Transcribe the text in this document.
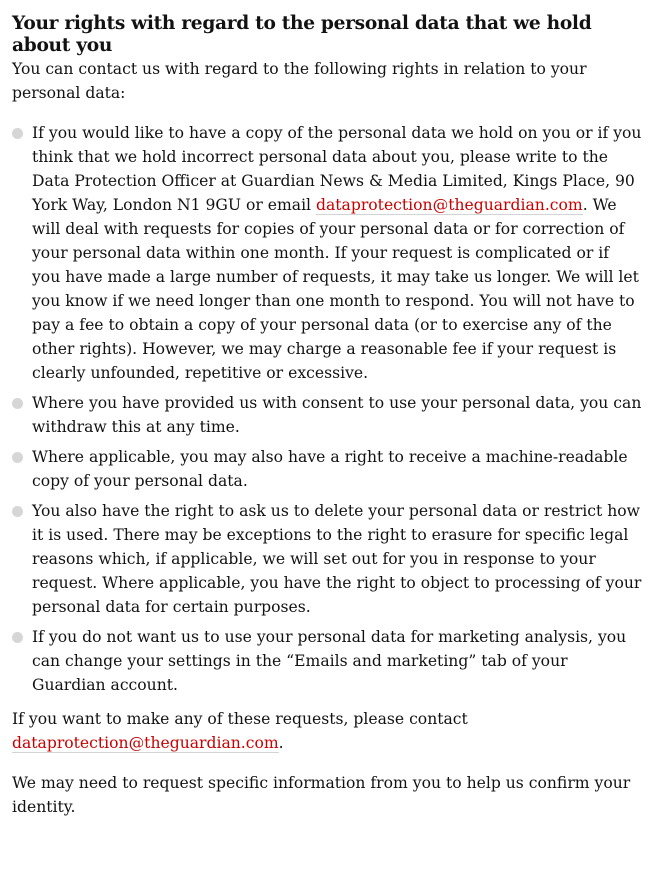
Your rights with regard to the personal data that we hold about you

You can contact us with regard to the following rights in relation to your personal data:

If you would like to have a copy of the personal data we hold on you or if you think that we hold incorrect personal data about you, please write to the Data Protection Officer at Guardian News & Media Limited, Kings Place, 90 York Way, London N1 9GU or email dataprotection@theguardian.com. We will deal with requests for copies of your personal data or for correction of your personal data within one month. If your request is complicated or if you have made a large number of requests, it may take us longer. We will let you know if we need longer than one month to respond. You will not have to pay a fee to obtain a copy of your personal data (or to exercise any of the other rights). However, we may charge a reasonable fee if your request is clearly unfounded, repetitive or excessive.
Where you have provided us with consent to use your personal data, you can withdraw this at any time.
Where applicable, you may also have a right to receive a machine-readable copy of your personal data.
You also have the right to ask us to delete your personal data or restrict how it is used. There may be exceptions to the right to erasure for specific legal reasons which, if applicable, we will set out for you in response to your request. Where applicable, you have the right to object to processing of your personal data for certain purposes.
If you do not want us to use your personal data for marketing analysis, you can change your settings in the “Emails and marketing” tab of your Guardian account.

If you want to make any of these requests, please contact dataprotection@theguardian.com.

We may need to request specific information from you to help us confirm your identity.
